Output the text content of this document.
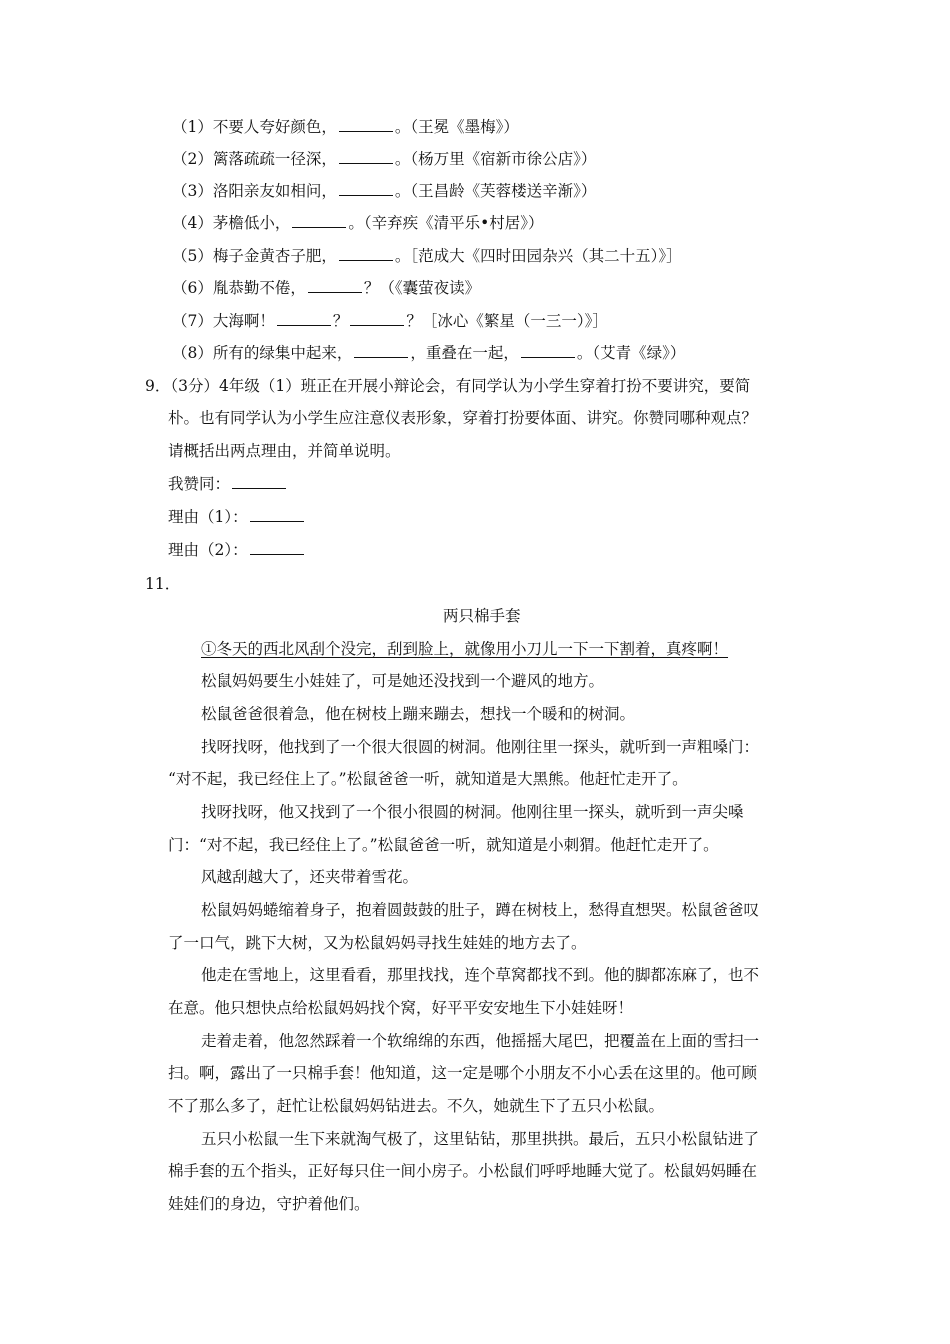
（1）不要人夸好颜色，	。（王冕《墨梅》）
（2）篱落疏疏一径深，	。（杨万里《宿新市徐公店》）
（3）洛阳亲友如相问，	。（王昌龄《芙蓉楼送辛渐》）
（4）茅檐低小，	。（辛弃疾《清平乐•村居》）
（5）梅子金黄杏子肥，	。［范成大《四时田园杂兴（其二十五）》］
（6）胤恭勤不倦，	？（《囊萤夜读》
（7）大海啊！	？	？［冰心《繁星（一三一）》］
（8）所有的绿集中起来，	，重叠在一起，	。（艾青《绿》）
9．（3分）4年级（1）班正在开展小辩论会，有同学认为小学生穿着打扮不要讲究，要简
朴。也有同学认为小学生应注意仪表形象，穿着打扮要体面、讲究。你赞同哪种观点？
请概括出两点理由，并简单说明。
我赞同：
理由（1）：
理由（2）：
11．
两只棉手套
①冬天的西北风刮个没完，刮到脸上，就像用小刀儿一下一下割着，真疼啊！
松鼠妈妈要生小娃娃了，可是她还没找到一个避风的地方。
松鼠爸爸很着急，他在树枝上蹦来蹦去，想找一个暖和的树洞。
找呀找呀，他找到了一个很大很圆的树洞。他刚往里一探头，就听到一声粗嗓门：
“对不起，我已经住上了。”松鼠爸爸一听，就知道是大黑熊。他赶忙走开了。
找呀找呀，他又找到了一个很小很圆的树洞。他刚往里一探头，就听到一声尖嗓
门：“对不起，我已经住上了。”松鼠爸爸一听，就知道是小刺猬。他赶忙走开了。
风越刮越大了，还夹带着雪花。
松鼠妈妈蜷缩着身子，抱着圆鼓鼓的肚子，蹲在树枝上，愁得直想哭。松鼠爸爸叹
了一口气，跳下大树，又为松鼠妈妈寻找生娃娃的地方去了。
他走在雪地上，这里看看，那里找找，连个草窝都找不到。他的脚都冻麻了，也不
在意。他只想快点给松鼠妈妈找个窝，好平平安安地生下小娃娃呀！
走着走着，他忽然踩着一个软绵绵的东西，他摇摇大尾巴，把覆盖在上面的雪扫一
扫。啊，露出了一只棉手套！他知道，这一定是哪个小朋友不小心丢在这里的。他可顾
不了那么多了，赶忙让松鼠妈妈钻进去。不久，她就生下了五只小松鼠。
五只小松鼠一生下来就淘气极了，这里钻钻，那里拱拱。最后，五只小松鼠钻进了
棉手套的五个指头，正好每只住一间小房子。小松鼠们呼呼地睡大觉了。松鼠妈妈睡在
娃娃们的身边，守护着他们。
